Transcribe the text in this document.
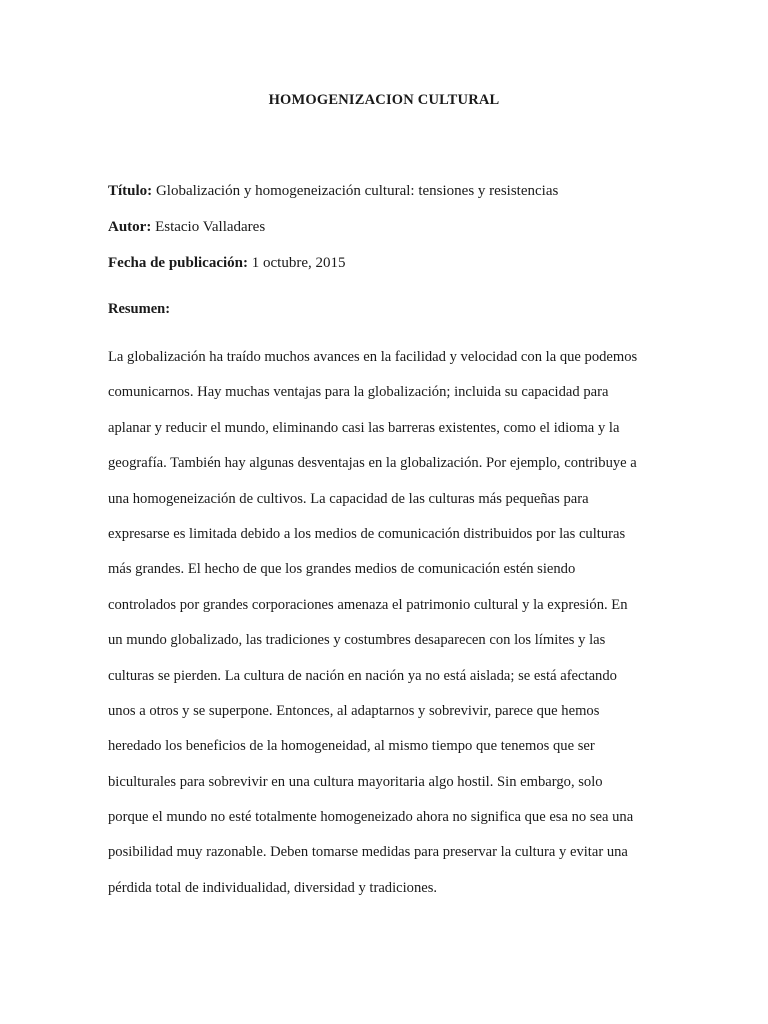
HOMOGENIZACION CULTURAL
Título: Globalización y homogeneización cultural: tensiones y resistencias
Autor: Estacio Valladares
Fecha de publicación: 1 octubre, 2015
Resumen:
La globalización ha traído muchos avances en la facilidad y velocidad con la que podemos
comunicarnos. Hay muchas ventajas para la globalización; incluida su capacidad para
aplanar y reducir el mundo, eliminando casi las barreras existentes, como el idioma y la
geografía. También hay algunas desventajas en la globalización. Por ejemplo, contribuye a
una homogeneización de cultivos. La capacidad de las culturas más pequeñas para
expresarse es limitada debido a los medios de comunicación distribuidos por las culturas
más grandes. El hecho de que los grandes medios de comunicación estén siendo
controlados por grandes corporaciones amenaza el patrimonio cultural y la expresión. En
un mundo globalizado, las tradiciones y costumbres desaparecen con los límites y las
culturas se pierden. La cultura de nación en nación ya no está aislada; se está afectando
unos a otros y se superpone. Entonces, al adaptarnos y sobrevivir, parece que hemos
heredado los beneficios de la homogeneidad, al mismo tiempo que tenemos que ser
biculturales para sobrevivir en una cultura mayoritaria algo hostil. Sin embargo, solo
porque el mundo no esté totalmente homogeneizado ahora no significa que esa no sea una
posibilidad muy razonable. Deben tomarse medidas para preservar la cultura y evitar una
pérdida total de individualidad, diversidad y tradiciones.
